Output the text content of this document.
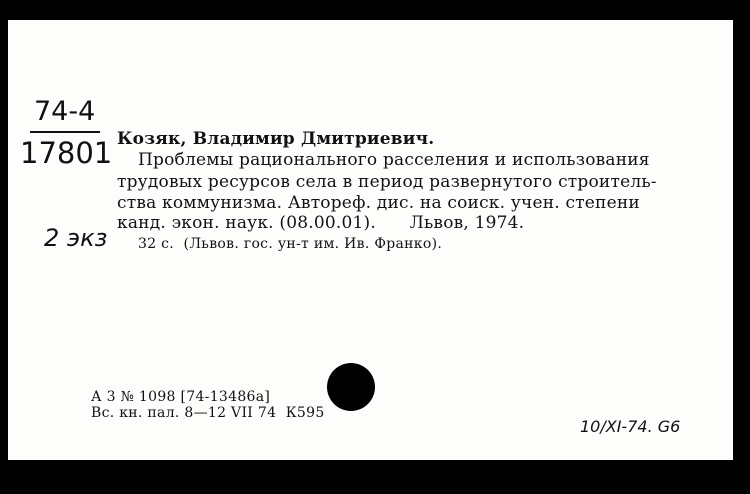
74-4
17801
2 экз
Козяк, Владимир Дмитриевич.
Проблемы рационального расселения и использования
трудовых ресурсов села в период развернутого строитель-
ства коммунизма. Автореф. дис. на соиск. учен. степени
канд. экон. наук. (08.00.01).      Львов, 1974.
32 с.  (Львов. гос. ун-т им. Ив. Франко).
А 3 № 1098 [74-13486а]
Вс. кн. пал. 8—12 VII 74  К595
10/XI-74. G6
